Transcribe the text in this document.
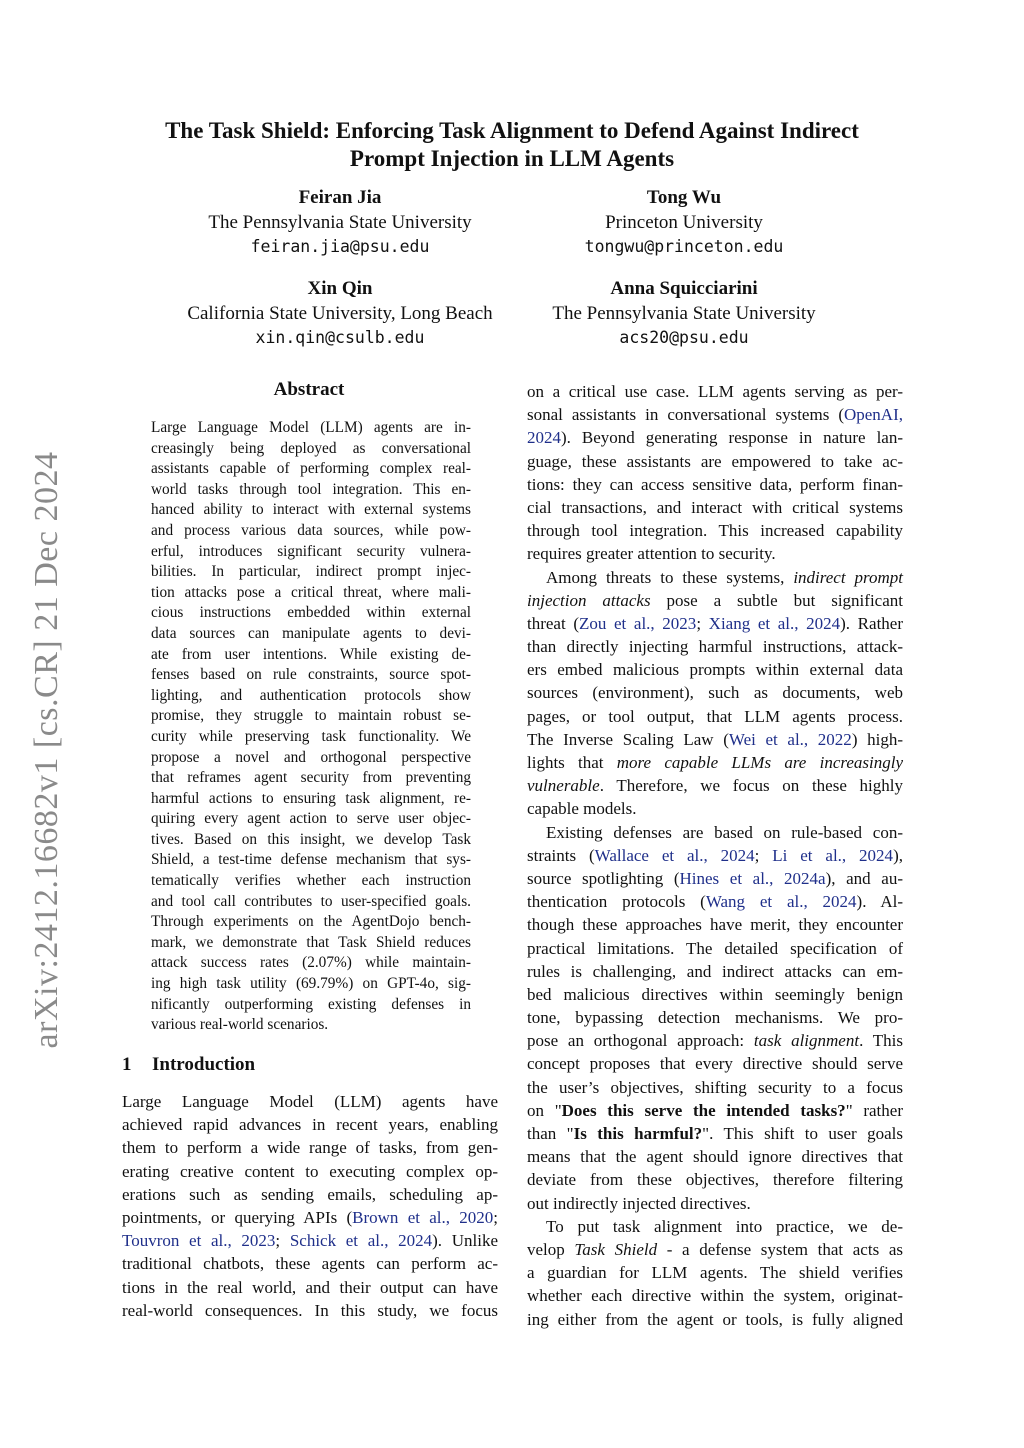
arXiv:2412.16682v1 [cs.CR] 21 Dec 2024
The Task Shield: Enforcing Task Alignment to Defend Against Indirect
Prompt Injection in LLM Agents
Feiran Jia
The Pennsylvania State University
feiran.jia@psu.edu
Tong Wu
Princeton University
tongwu@princeton.edu
Xin Qin
California State University, Long Beach
xin.qin@csulb.edu
Anna Squicciarini
The Pennsylvania State University
acs20@psu.edu
Abstract
Large Language Model (LLM) agents are in-
creasingly being deployed as conversational
assistants capable of performing complex real-
world tasks through tool integration. This en-
hanced ability to interact with external systems
and process various data sources, while pow-
erful, introduces significant security vulnera-
bilities. In particular, indirect prompt injec-
tion attacks pose a critical threat, where mali-
cious instructions embedded within external
data sources can manipulate agents to devi-
ate from user intentions. While existing de-
fenses based on rule constraints, source spot-
lighting, and authentication protocols show
promise, they struggle to maintain robust se-
curity while preserving task functionality. We
propose a novel and orthogonal perspective
that reframes agent security from preventing
harmful actions to ensuring task alignment, re-
quiring every agent action to serve user objec-
tives. Based on this insight, we develop Task
Shield, a test-time defense mechanism that sys-
tematically verifies whether each instruction
and tool call contributes to user-specified goals.
Through experiments on the AgentDojo bench-
mark, we demonstrate that Task Shield reduces
attack success rates (2.07%) while maintain-
ing high task utility (69.79%) on GPT-4o, sig-
nificantly outperforming existing defenses in
various real-world scenarios.
1 Introduction
Large Language Model (LLM) agents have
achieved rapid advances in recent years, enabling
them to perform a wide range of tasks, from gen-
erating creative content to executing complex op-
erations such as sending emails, scheduling ap-
pointments, or querying APIs (Brown et al., 2020;
Touvron et al., 2023; Schick et al., 2024). Unlike
traditional chatbots, these agents can perform ac-
tions in the real world, and their output can have
real-world consequences. In this study, we focus
on a critical use case. LLM agents serving as per-
sonal assistants in conversational systems (OpenAI,
2024). Beyond generating response in nature lan-
guage, these assistants are empowered to take ac-
tions: they can access sensitive data, perform finan-
cial transactions, and interact with critical systems
through tool integration. This increased capability
requires greater attention to security.
Among threats to these systems, indirect prompt
injection attacks pose a subtle but significant
threat (Zou et al., 2023; Xiang et al., 2024). Rather
than directly injecting harmful instructions, attack-
ers embed malicious prompts within external data
sources (environment), such as documents, web
pages, or tool output, that LLM agents process.
The Inverse Scaling Law (Wei et al., 2022) high-
lights that more capable LLMs are increasingly
vulnerable. Therefore, we focus on these highly
capable models.
Existing defenses are based on rule-based con-
straints (Wallace et al., 2024; Li et al., 2024),
source spotlighting (Hines et al., 2024a), and au-
thentication protocols (Wang et al., 2024). Al-
though these approaches have merit, they encounter
practical limitations. The detailed specification of
rules is challenging, and indirect attacks can em-
bed malicious directives within seemingly benign
tone, bypassing detection mechanisms. We pro-
pose an orthogonal approach: task alignment. This
concept proposes that every directive should serve
the user’s objectives, shifting security to a focus
on "Does this serve the intended tasks?" rather
than "Is this harmful?". This shift to user goals
means that the agent should ignore directives that
deviate from these objectives, therefore filtering
out indirectly injected directives.
To put task alignment into practice, we de-
velop Task Shield - a defense system that acts as
a guardian for LLM agents. The shield verifies
whether each directive within the system, originat-
ing either from the agent or tools, is fully aligned
